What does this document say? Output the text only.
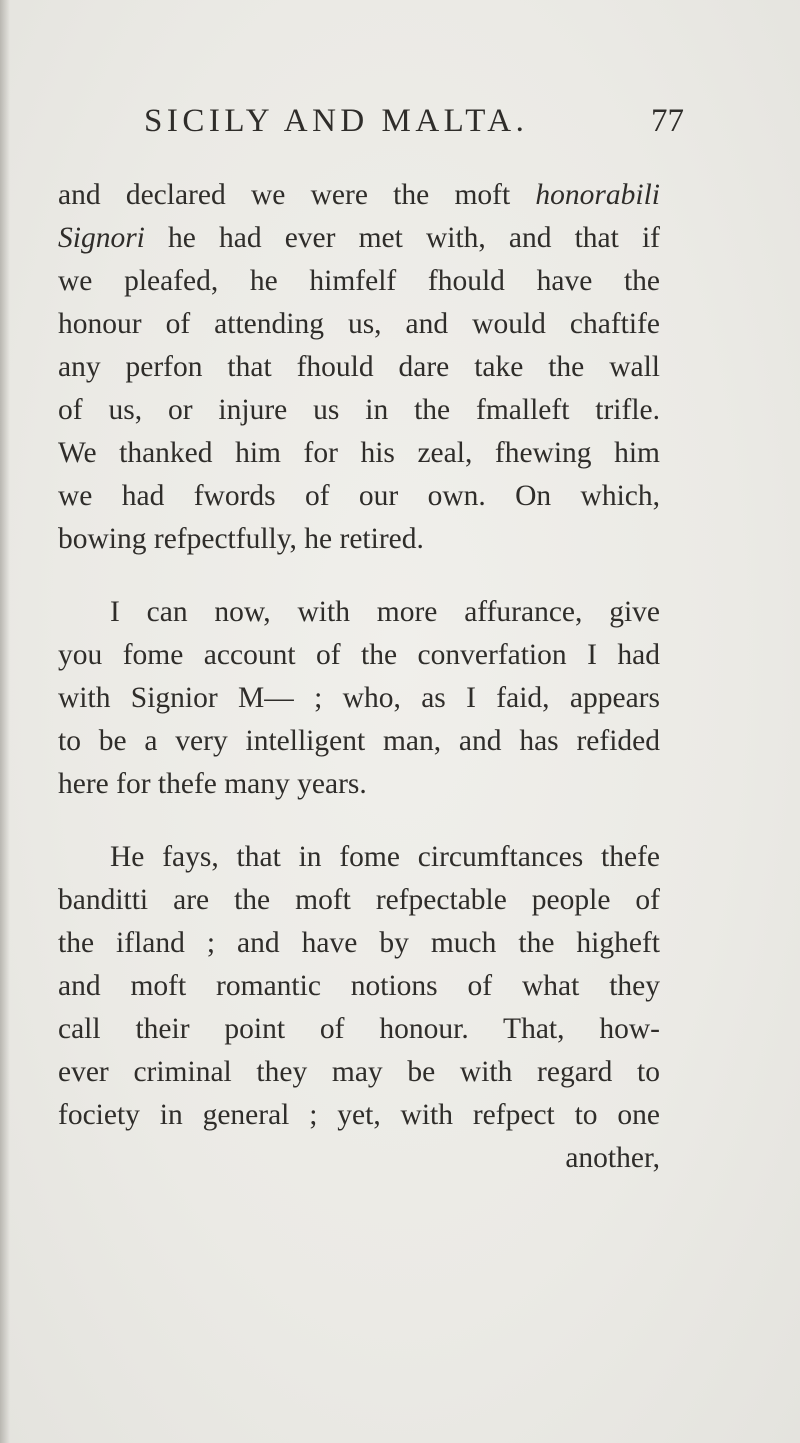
SICILY AND MALTA.	77
and declared we were the moft honorabili
Signori he had ever met with, and that if
we pleafed, he himfelf fhould have the
honour of attending us, and would chaftife
any perfon that fhould dare take the wall
of us, or injure us in the fmalleft trifle.
We thanked him for his zeal, fhewing him
we had fwords of our own. On which,
bowing refpectfully, he retired.
I can now, with more affurance, give
you fome account of the converfation I had
with Signior M— ; who, as I faid, appears
to be a very intelligent man, and has refided
here for thefe many years.
He fays, that in fome circumftances thefe
banditti are the moft refpectable people of
the ifland ; and have by much the higheft
and moft romantic notions of what they
call their point of honour. That, how-
ever criminal they may be with regard to
fociety in general ; yet, with refpect to one
another,
